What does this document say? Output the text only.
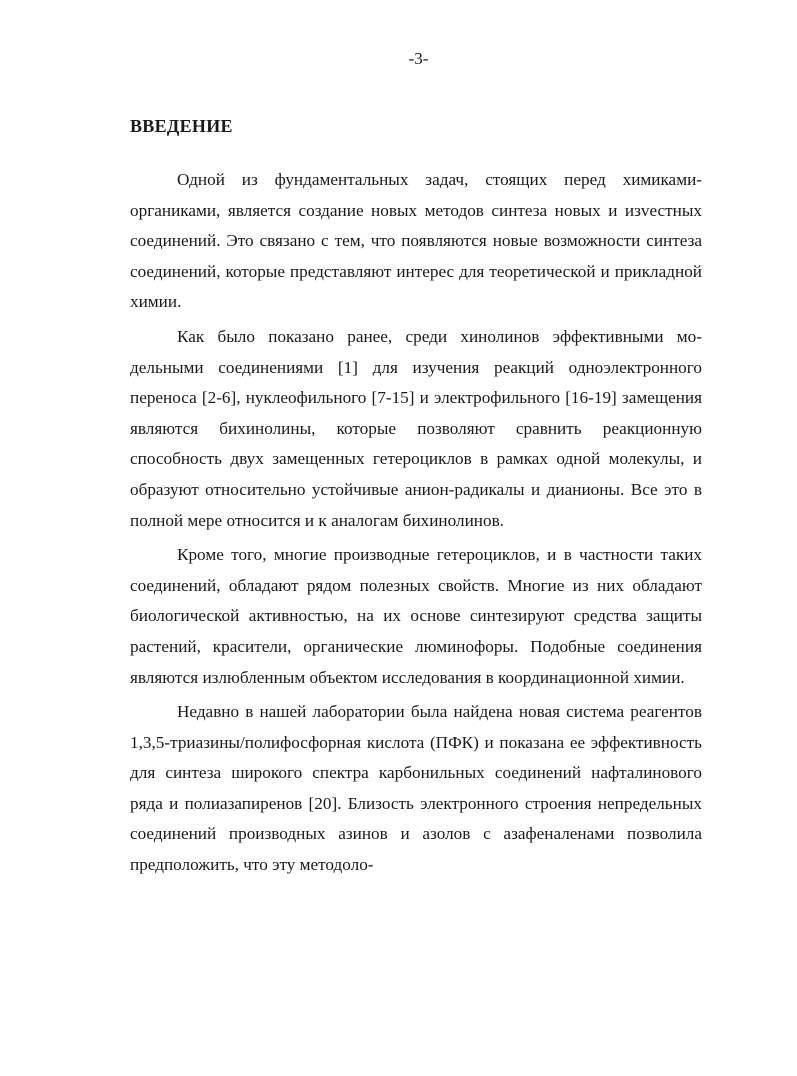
-3-
ВВЕДЕНИЕ

Одной из фундаментальных задач, стоящих перед химиками-органиками, является создание новых методов синтеза новых и изvестных соединений. Это связано с тем, что появляются новые возможности синтеза соединений, которые представляют интерес для теоретической и прикладной химии.

Как было показано ранее, среди хинолинов эффективными модельными соединениями [1] для изучения реакций одноэлектронного переноса [2-6], нуклеофильного [7-15] и электрофильного [16-19] замещения являются бихинолины, которые позволяют сравнить реакционную способность двух замещенных гетероциклов в рамках одной молекулы, и образуют относительно устойчивые анион-радикалы и дианионы. Все это в полной мере относится и к аналогам бихинолинов.

Кроме того, многие производные гетероциклов, и в частности таких соединений, обладают рядом полезных свойств. Многие из них обладают биологической активностью, на их основе синтезируют средства защиты растений, красители, органические люминофоры. Подобные соединения являются излюбленным объектом исследования в координационной химии.

Недавно в нашей лаборатории была найдена новая система реагентов 1,3,5-триазины/полифосфорная кислота (ПФК) и показана ее эффективность для синтеза широкого спектра карбонильных соединений нафталинового ряда и полиазапиренов [20]. Близость электронного строения непредельных соединений производных азинов и азолов с азафеналенами позволила предположить, что эту методоло-
